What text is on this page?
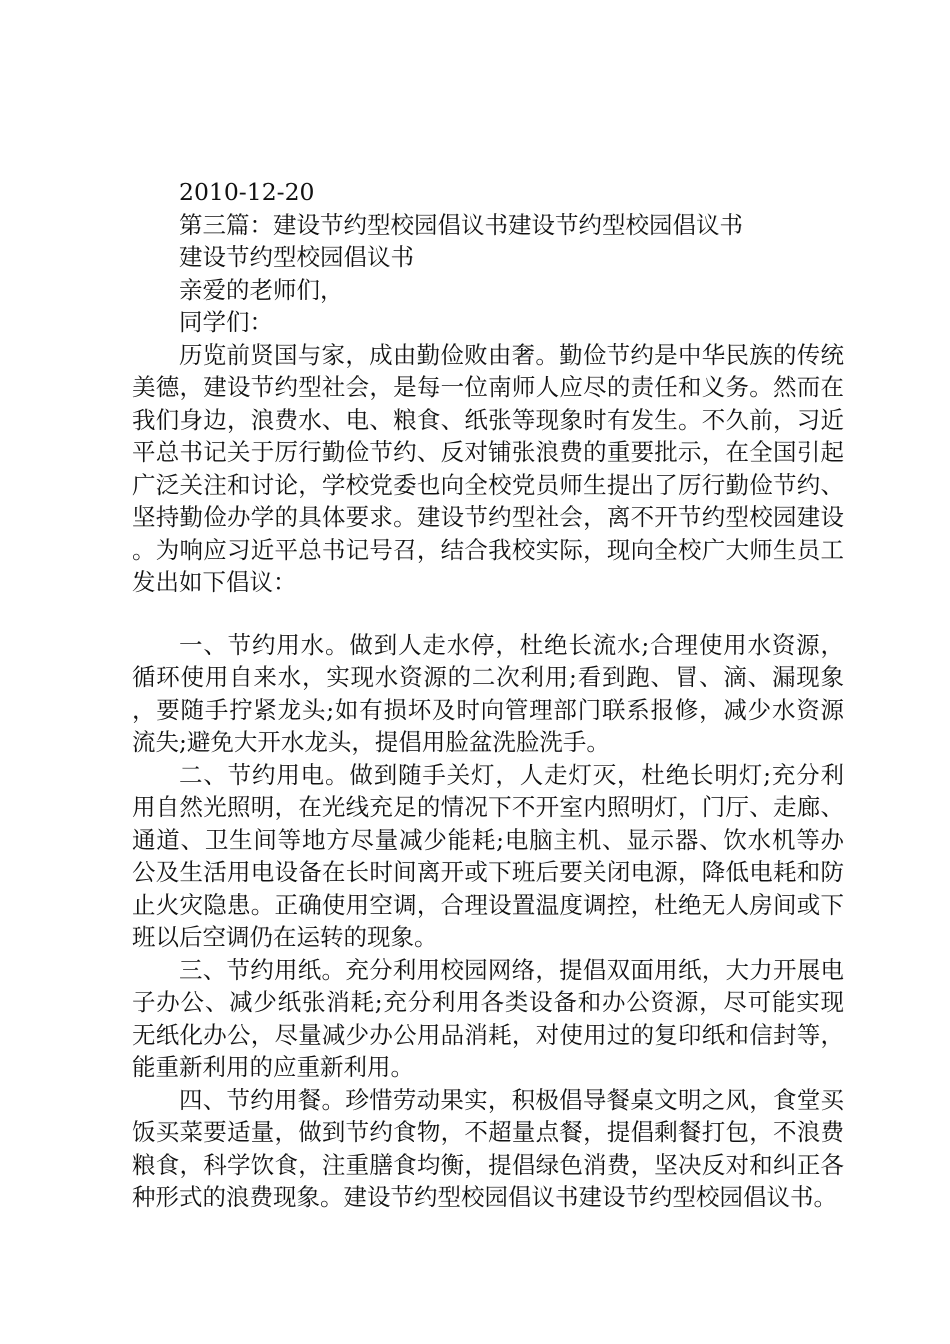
2010-12-20

第三篇：建设节约型校园倡议书建设节约型校园倡议书

建设节约型校园倡议书

亲爱的老师们，

同学们：

历览前贤国与家，成由勤俭败由奢。勤俭节约是中华民族的传统美德，建设节约型社会，是每一位南师人应尽的责任和义务。然而在我们身边，浪费水、电、粮食、纸张等现象时有发生。不久前，习近平总书记关于厉行勤俭节约、反对铺张浪费的重要批示，在全国引起广泛关注和讨论，学校党委也向全校党员师生提出了厉行勤俭节约、坚持勤俭办学的具体要求。建设节约型社会，离不开节约型校园建设。为响应习近平总书记号召，结合我校实际，现向全校广大师生员工发出如下倡议：

一、节约用水。做到人走水停，杜绝长流水;合理使用水资源，循环使用自来水，实现水资源的二次利用;看到跑、冒、滴、漏现象，要随手拧紧龙头;如有损坏及时向管理部门联系报修，减少水资源流失;避免大开水龙头，提倡用脸盆洗脸洗手。

二、节约用电。做到随手关灯，人走灯灭，杜绝长明灯;充分利用自然光照明，在光线充足的情况下不开室内照明灯，门厅、走廊、通道、卫生间等地方尽量减少能耗;电脑主机、显示器、饮水机等办公及生活用电设备在长时间离开或下班后要关闭电源，降低电耗和防止火灾隐患。正确使用空调，合理设置温度调控，杜绝无人房间或下班以后空调仍在运转的现象。

三、节约用纸。充分利用校园网络，提倡双面用纸，大力开展电子办公、减少纸张消耗;充分利用各类设备和办公资源，尽可能实现无纸化办公，尽量减少办公用品消耗，对使用过的复印纸和信封等，能重新利用的应重新利用。

四、节约用餐。珍惜劳动果实，积极倡导餐桌文明之风，食堂买饭买菜要适量，做到节约食物，不超量点餐，提倡剩餐打包，不浪费粮食，科学饮食，注重膳食均衡，提倡绿色消费，坚决反对和纠正各种形式的浪费现象。建设节约型校园倡议书建设节约型校园倡议书。
